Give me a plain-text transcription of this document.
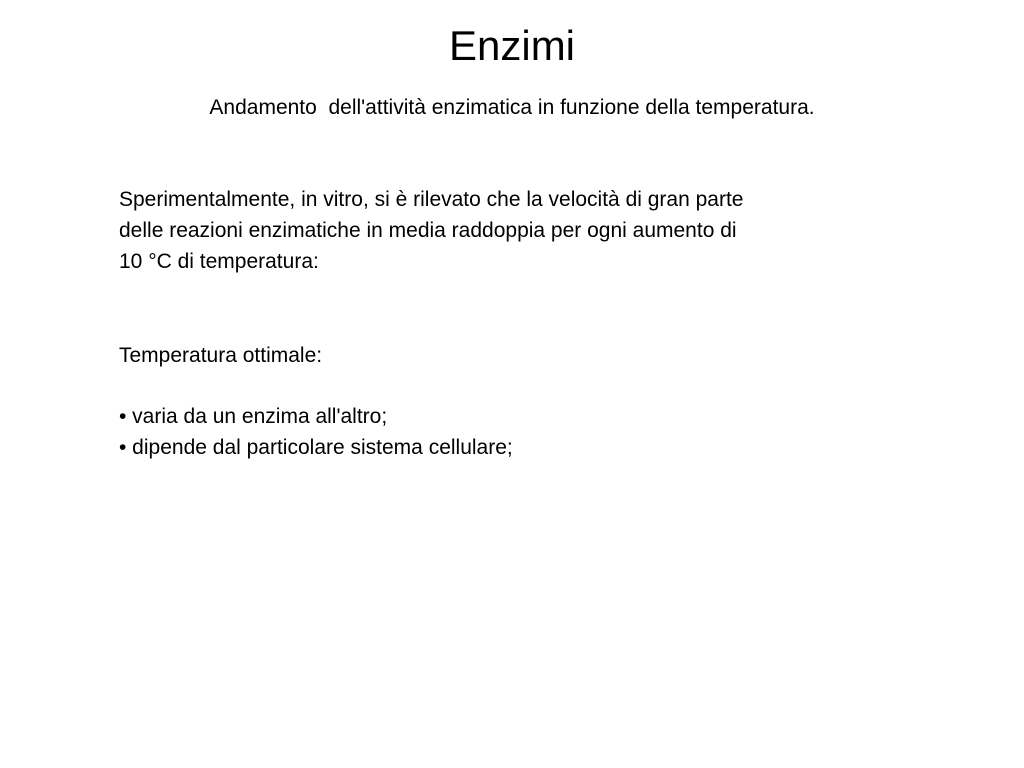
Enzimi
Andamento  dell'attività enzimatica in funzione della temperatura.
Sperimentalmente, in vitro, si è rilevato che la velocità di gran parte
delle reazioni enzimatiche in media raddoppia per ogni aumento di
10 °C di temperatura:
Temperatura ottimale:
• varia da un enzima all'altro;
• dipende dal particolare sistema cellulare;
